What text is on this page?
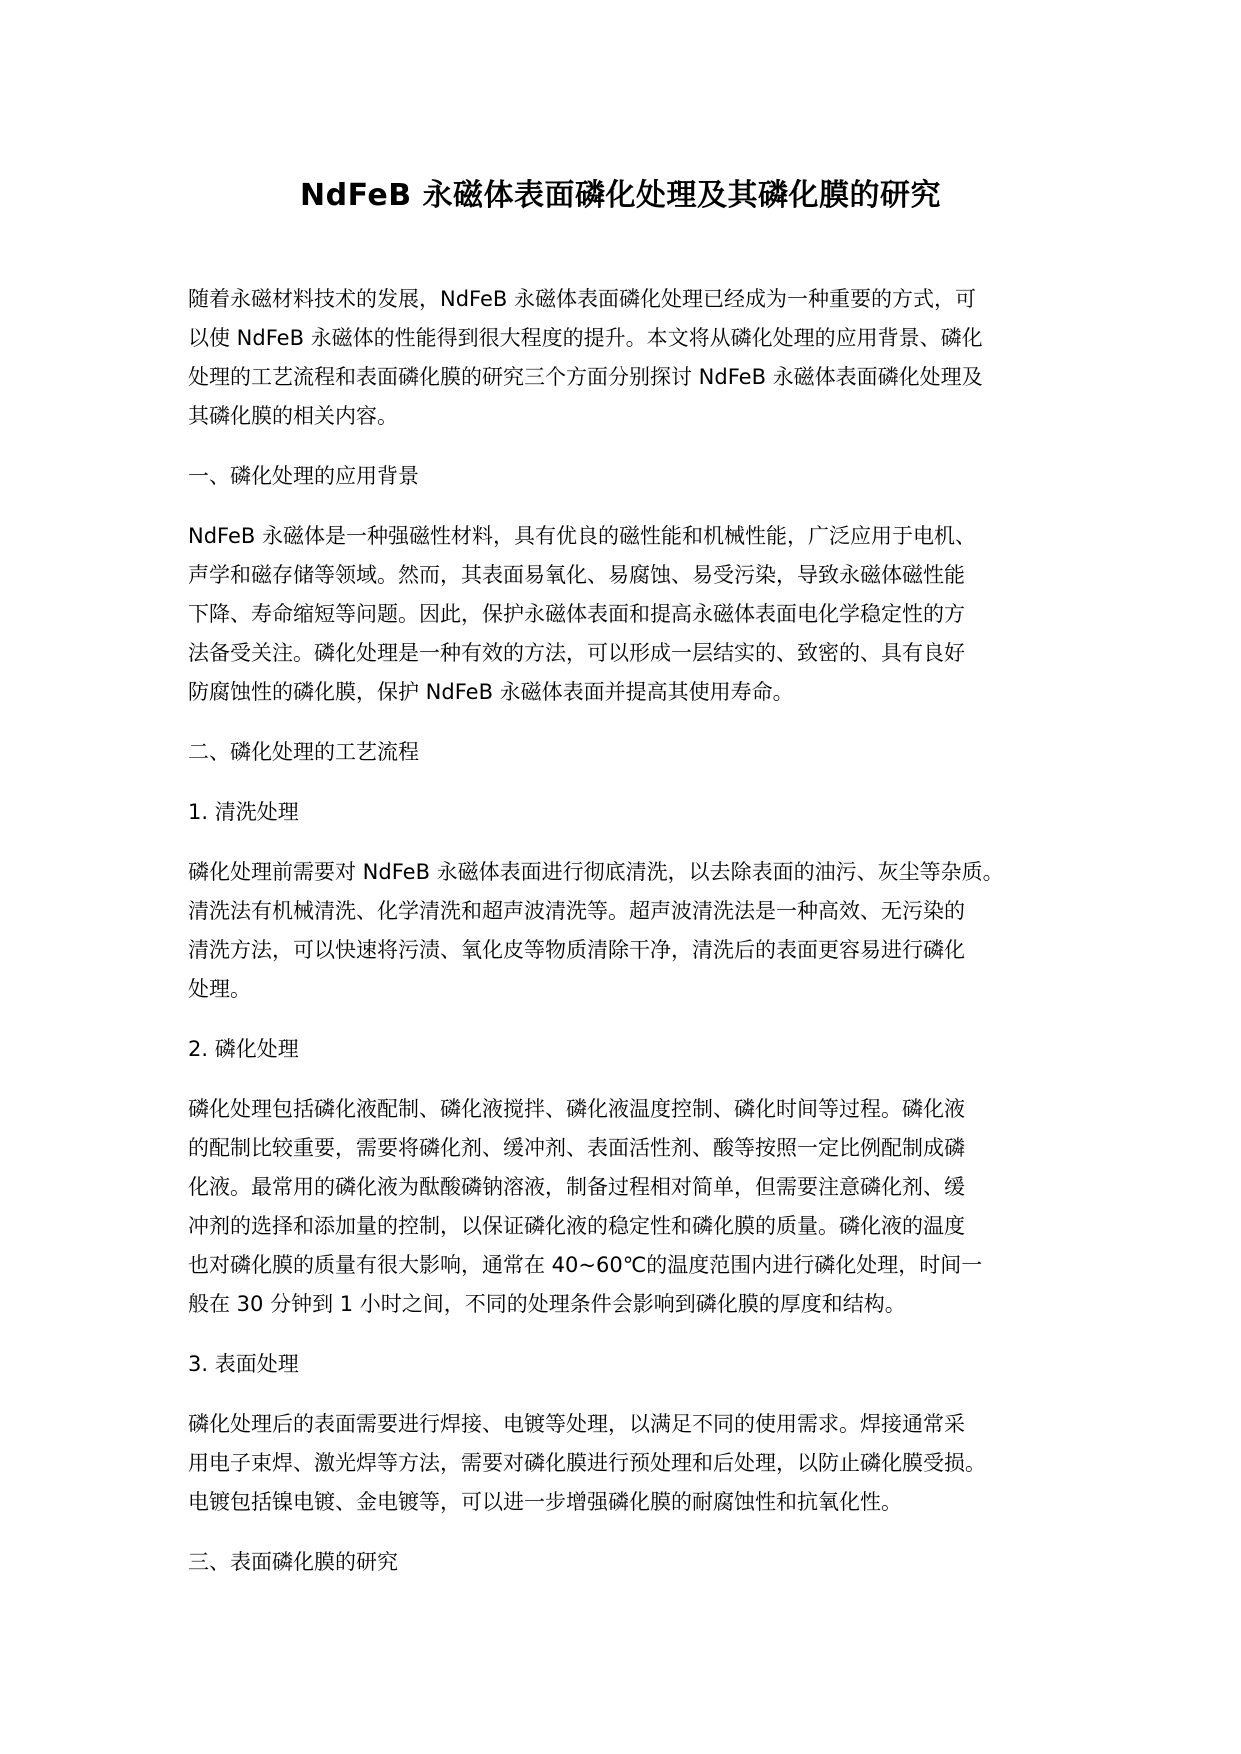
NdFeB 永磁体表面磷化处理及其磷化膜的研究
随着永磁材料技术的发展，NdFeB 永磁体表面磷化处理已经成为一种重要的方式，可
以使 NdFeB 永磁体的性能得到很大程度的提升。本文将从磷化处理的应用背景、磷化
处理的工艺流程和表面磷化膜的研究三个方面分别探讨 NdFeB 永磁体表面磷化处理及
其磷化膜的相关内容。
一、磷化处理的应用背景
NdFeB 永磁体是一种强磁性材料，具有优良的磁性能和机械性能，广泛应用于电机、
声学和磁存储等领域。然而，其表面易氧化、易腐蚀、易受污染，导致永磁体磁性能
下降、寿命缩短等问题。因此，保护永磁体表面和提高永磁体表面电化学稳定性的方
法备受关注。磷化处理是一种有效的方法，可以形成一层结实的、致密的、具有良好
防腐蚀性的磷化膜，保护 NdFeB 永磁体表面并提高其使用寿命。
二、磷化处理的工艺流程
1. 清洗处理
磷化处理前需要对 NdFeB 永磁体表面进行彻底清洗，以去除表面的油污、灰尘等杂质。
清洗法有机械清洗、化学清洗和超声波清洗等。超声波清洗法是一种高效、无污染的
清洗方法，可以快速将污渍、氧化皮等物质清除干净，清洗后的表面更容易进行磷化
处理。
2. 磷化处理
磷化处理包括磷化液配制、磷化液搅拌、磷化液温度控制、磷化时间等过程。磷化液
的配制比较重要，需要将磷化剂、缓冲剂、表面活性剂、酸等按照一定比例配制成磷
化液。最常用的磷化液为酞酸磷钠溶液，制备过程相对简单，但需要注意磷化剂、缓
冲剂的选择和添加量的控制，以保证磷化液的稳定性和磷化膜的质量。磷化液的温度
也对磷化膜的质量有很大影响，通常在 40~60℃的温度范围内进行磷化处理，时间一
般在 30 分钟到 1 小时之间，不同的处理条件会影响到磷化膜的厚度和结构。
3. 表面处理
磷化处理后的表面需要进行焊接、电镀等处理，以满足不同的使用需求。焊接通常采
用电子束焊、激光焊等方法，需要对磷化膜进行预处理和后处理，以防止磷化膜受损。
电镀包括镍电镀、金电镀等，可以进一步增强磷化膜的耐腐蚀性和抗氧化性。
三、表面磷化膜的研究
